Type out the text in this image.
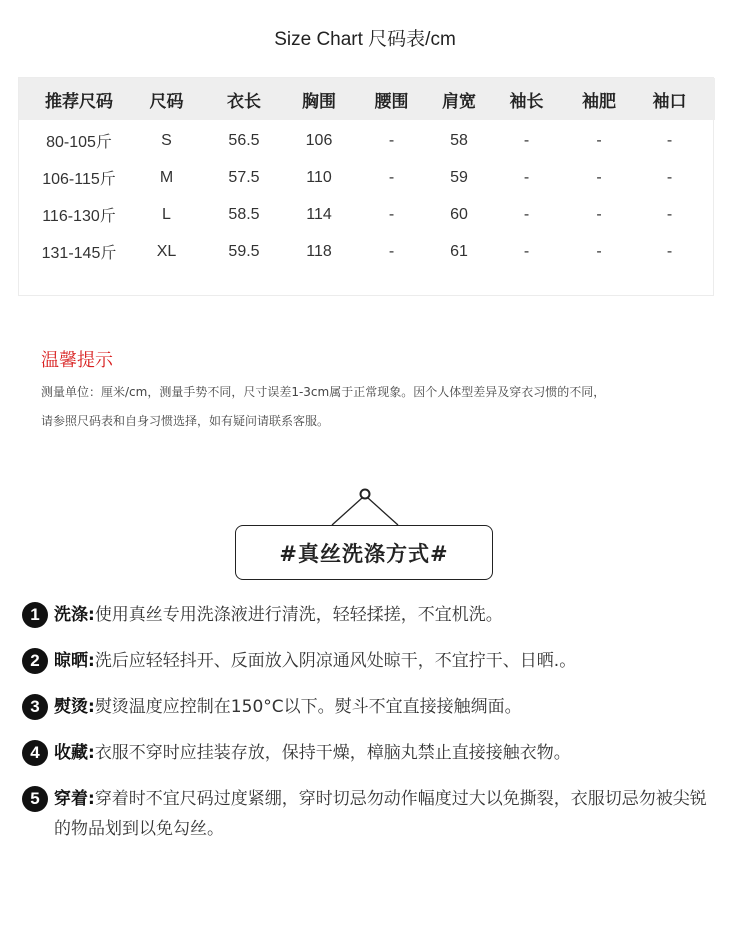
Size Chart 尺码表/cm
推荐尺码	尺码	衣长	胸围	腰围	肩宽	袖长	袖肥	袖口
80-105斤	S	56.5	106	-	58	-	-	-
106-115斤	M	57.5	110	-	59	-	-	-
116-130斤	L	58.5	114	-	60	-	-	-
131-145斤	XL	59.5	118	-	61	-	-	-
温馨提示
测量单位：厘米/cm，测量手势不同，尺寸误差1-3cm属于正常现象。因个人体型差异及穿衣习惯的不同，
请参照尺码表和自身习惯选择，如有疑问请联系客服。
#真丝洗涤方式#
1 洗涤:使用真丝专用洗涤液进行清洗，轻轻揉搓，不宜机洗。
2 晾晒:洗后应轻轻抖开、反面放入阴凉通风处晾干，不宜拧干、日晒.。
3 熨烫:熨烫温度应控制在150°C以下。熨斗不宜直接接触绸面。
4 收藏:衣服不穿时应挂装存放，保持干燥，樟脑丸禁止直接接触衣物。
5 穿着:穿着时不宜尺码过度紧绷，穿时切忌勿动作幅度过大以免撕裂，衣服切忌勿被尖锐的物品划到以免勾丝。
